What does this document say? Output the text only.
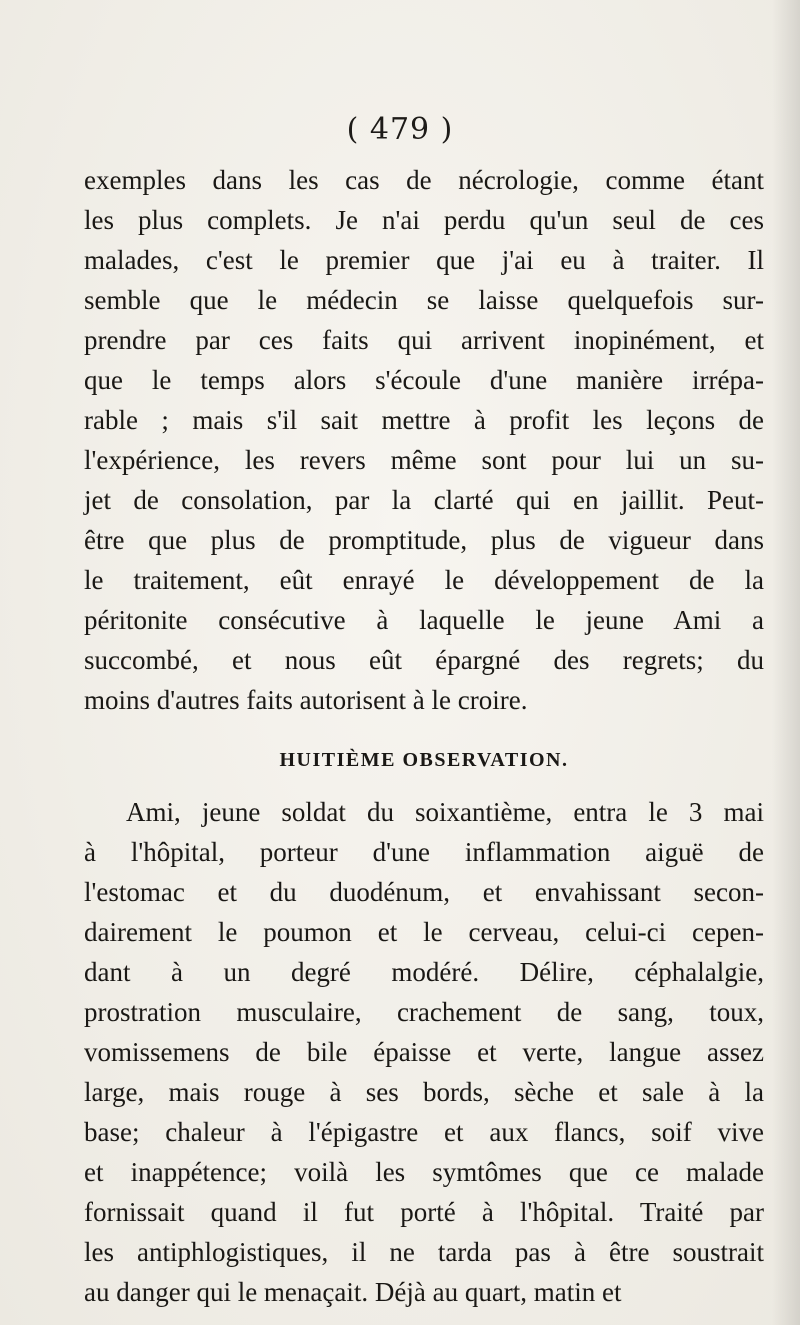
( 479 )
exemples dans les cas de nécrologie, comme étant
les plus complets. Je n'ai perdu qu'un seul de ces
malades, c'est le premier que j'ai eu à traiter. Il
semble que le médecin se laisse quelquefois sur-
prendre par ces faits qui arrivent inopinément, et
que le temps alors s'écoule d'une manière irrépa-
rable ; mais s'il sait mettre à profit les leçons de
l'expérience, les revers même sont pour lui un su-
jet de consolation, par la clarté qui en jaillit. Peut-
être que plus de promptitude, plus de vigueur dans
le traitement, eût enrayé le développement de la
péritonite consécutive à laquelle le jeune Ami a
succombé, et nous eût épargné des regrets; du
moins d'autres faits autorisent à le croire.
HUITIÈME OBSERVATION.
Ami, jeune soldat du soixantième, entra le 3 mai
à l'hôpital, porteur d'une inflammation aiguë de
l'estomac et du duodénum, et envahissant secon-
dairement le poumon et le cerveau, celui-ci cepen-
dant à un degré modéré. Délire, céphalalgie,
prostration musculaire, crachement de sang, toux,
vomissemens de bile épaisse et verte, langue assez
large, mais rouge à ses bords, sèche et sale à la
base; chaleur à l'épigastre et aux flancs, soif vive
et inappétence; voilà les symtômes que ce malade
fornissait quand il fut porté à l'hôpital. Traité par
les antiphlogistiques, il ne tarda pas à être soustrait
au danger qui le menaçait. Déjà au quart, matin et
